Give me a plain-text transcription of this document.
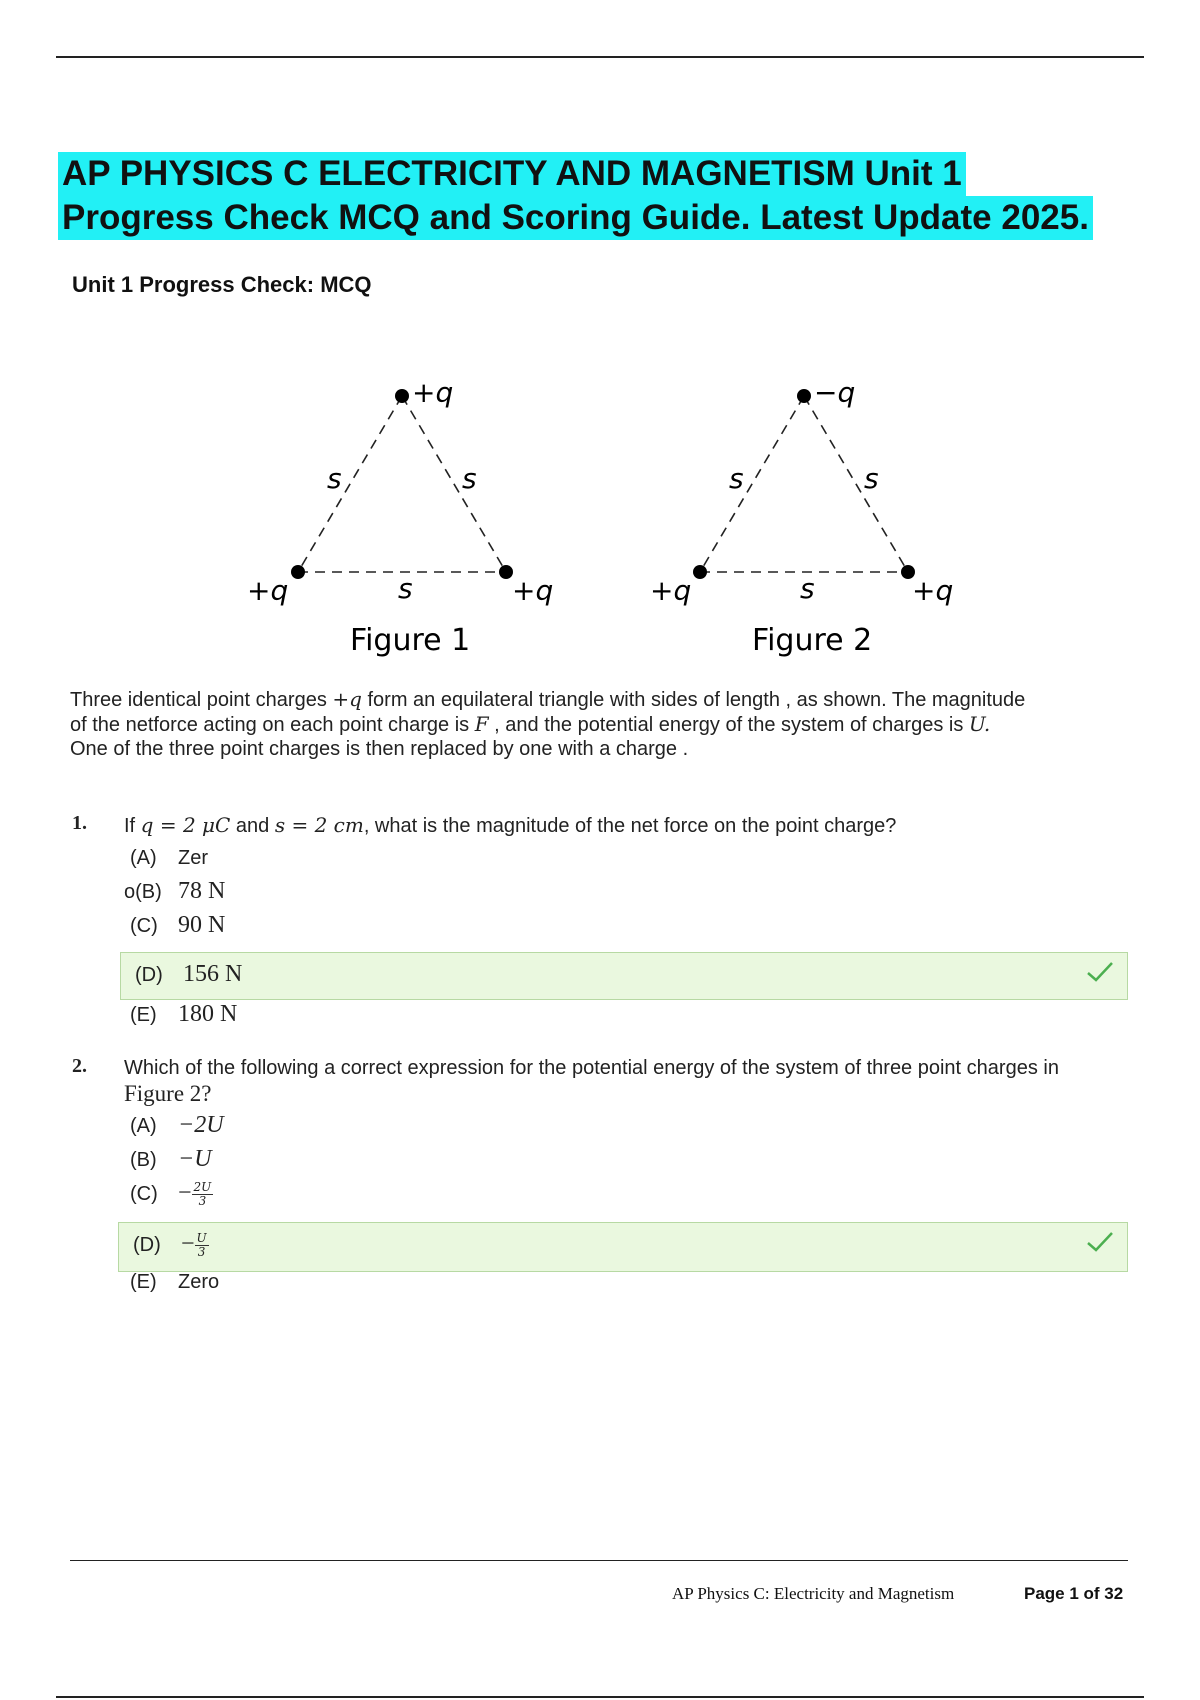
AP PHYSICS C ELECTRICITY AND MAGNETISM Unit 1
Progress Check MCQ and Scoring Guide. Latest Update 2025.
Unit 1 Progress Check: MCQ
+q
+q	+q
s	s
s
Figure 1
−q
+q	+q
s	s
s
Figure 2
Three identical point charges +q form an equilateral triangle with sides of length , as shown. The magnitude
of the netforce acting on each point charge is F , and the potential energy of the system of charges is U.
One of the three point charges is then replaced by one with a charge .
1. If q = 2 μC and s = 2 cm, what is the magnitude of the net force on the point charge?
(A) Zer
o(B) 78 N
(C) 90 N
(D) 156 N
(E) 180 N
2. Which of the following a correct expression for the potential energy of the system of three point charges in
Figure 2?
(A) −2U
(B) −U
$(C) - \frac{2U}{3}$
$(D) - \frac{U}{3}$
(E) Zero
AP Physics C: Electricity and Magnetism	Page 1 of 32
